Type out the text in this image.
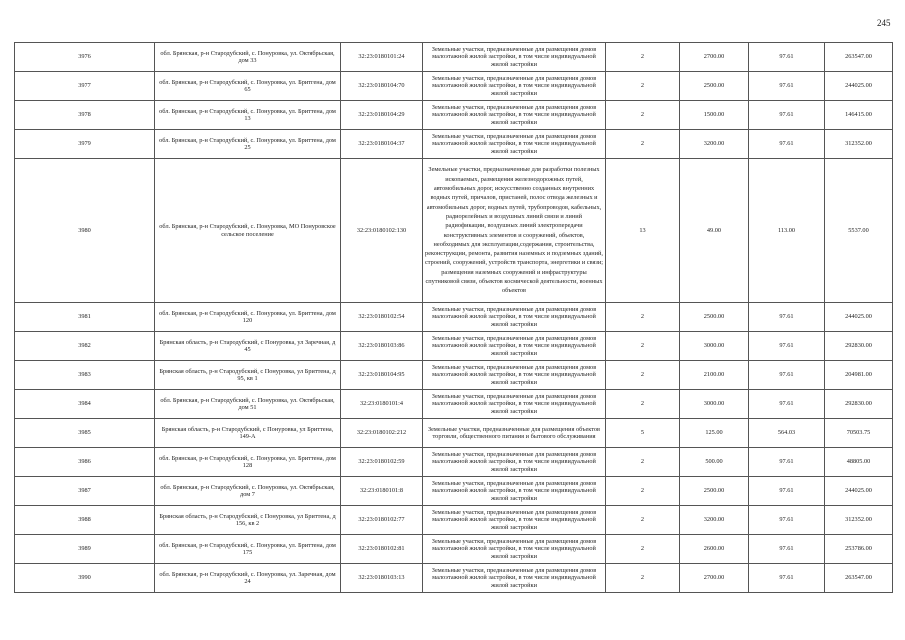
245
3976	обл. Брянская, р-н Стародубский, с. Понуровка, ул. Октябрьская, дом 33	32:23:0180101:24	Земельные участки, предназначенные для размещения домов малоэтажной жилой застройки, в том числе индивидуальной жилой застройки	2	2700.00	97.61	263547.00
3977	обл. Брянская, р-н Стародубский, с. Понуровка, ул. Бритгена, дом 65	32:23:0180104:70	Земельные участки, предназначенные для размещения домов малоэтажной жилой застройки, в том числе индивидуальной жилой застройки	2	2500.00	97.61	244025.00
3978	обл. Брянская, р-н Стародубский, с. Понуровка, ул. Бриттена, дом 13	32:23:0180104:29	Земельные участки, предназначенные для размещения домов малоэтажной жилой застройки, в том числе индивидуальной жилой застройки	2	1500.00	97.61	146415.00
3979	обл. Брянская, р-н Стародубский, с. Понуровка, ул. Бриттена, дом 25	32:23:0180104:37	Земельные участки, предназначенные для размещения домов малоэтажной жилой застройки, в том числе индивидуальной жилой застройки	2	3200.00	97.61	312352.00
3980	обл. Брянская, р-н Стародубский, с. Понуровка, МО Понуровское сельское поселение	32:23:0180102:130	Земельные участки, предназначенные для разработки полезных ископаемых, размещения железнодорожных путей, автомобильных дорог, искусственно созданных внутренних водных путей, причалов, пристаней, полос отвода железных и автомобильных дорог, водных путей, трубопроводов, кабельных, радиорелейных и воздушных линий связи и линий радиофикации, воздушных линий электропередачи конструктивных элементов и сооружений, объектов, необходимых для эксплуатации,содержания, строительства, реконструкции, ремонта, развития наземных и подземных зданий, строений, сооружений, устройств транспорта, энергетики и связи; размещения наземных сооружений и инфраструктуры спутниковой связи, объектов космической деятельности, военных объектов	13	49.00	113.00	5537.00
3981	обл. Брянская, р-н Стародубский, с. Понуровка, ул. Бриттена, дом 120	32:23:0180102:54	Земельные участки, предназначенные для размещения домов малоэтажной жилой застройки, в том числе индивидуальной жилой застройки	2	2500.00	97.61	244025.00
3982	Брянская область, р-н Стародубский, с Понуровка, ул Заречная, д 45	32:23:0180103:86	Земельные участки, предназначенные для размещения домов малоэтажной жилой застройки, в том числе индивидуальной жилой застройки	2	3000.00	97.61	292830.00
3983	Брянская область, р-н Стародубский, с Понуровка, ул Бриттена, д 95, кв 1	32:23:0180104:95	Земельные участки, предназначенные для размещения домов малоэтажной жилой застройки, в том числе индивидуальной жилой застройки	2	2100.00	97.61	204981.00
3984	обл. Брянская, р-н Стародубский, с. Понуровка, ул. Октябрьская, дом 51	32:23:0180101:4	Земельные участки, предназначенные для размещения домов малоэтажной жилой застройки, в том числе индивидуальной жилой застройки	2	3000.00	97.61	292830.00
3985	Брянская область, р-н Стародубский, с Понуровка, ул Бриттена, 149-А	32:23:0180102:212	Земельные участки, предназначенные для размещения объектов торговли, общественного питания и бытового обслуживания	5	125.00	564.03	70503.75
3986	обл. Брянская, р-н Стародубский, с. Понуровка, ул. Бриттена, дом 128	32:23:0180102:59	Земельные участки, предназначенные для размещения домов малоэтажной жилой застройки, в том числе индивидуальной жилой застройки	2	500.00	97.61	48805.00
3987	обл. Брянская, р-н Стародубский, с. Понуровка, ул. Октябрьская, дом 7	32:23:0180101:8	Земельные участки, предназначенные для размещения домов малоэтажной жилой застройки, в том числе индивидуальной жилой застройки	2	2500.00	97.61	244025.00
3988	Брянская область, р-н Стародубский, с Понуровка, ул Бриттена, д 156, кв 2	32:23:0180102:77	Земельные участки, предназначенные для размещения домов малоэтажной жилой застройки, в том числе индивидуальной жилой застройки	2	3200.00	97.61	312352.00
3989	обл. Брянская, р-н Стародубский, с. Понуровка, ул. Бриттена, дом 175	32:23:0180102:81	Земельные участки, предназначенные для размещения домов малоэтажной жилой застройки, в том числе индивидуальной жилой застройки	2	2600.00	97.61	253786.00
3990	обл. Брянская, р-н Стародубский, с. Понуровка, ул. Заречная, дом 24	32:23:0180103:13	Земельные участки, предназначенные для размещения домов малоэтажной жилой застройки, в том числе индивидуальной жилой застройки	2	2700.00	97.61	263547.00
